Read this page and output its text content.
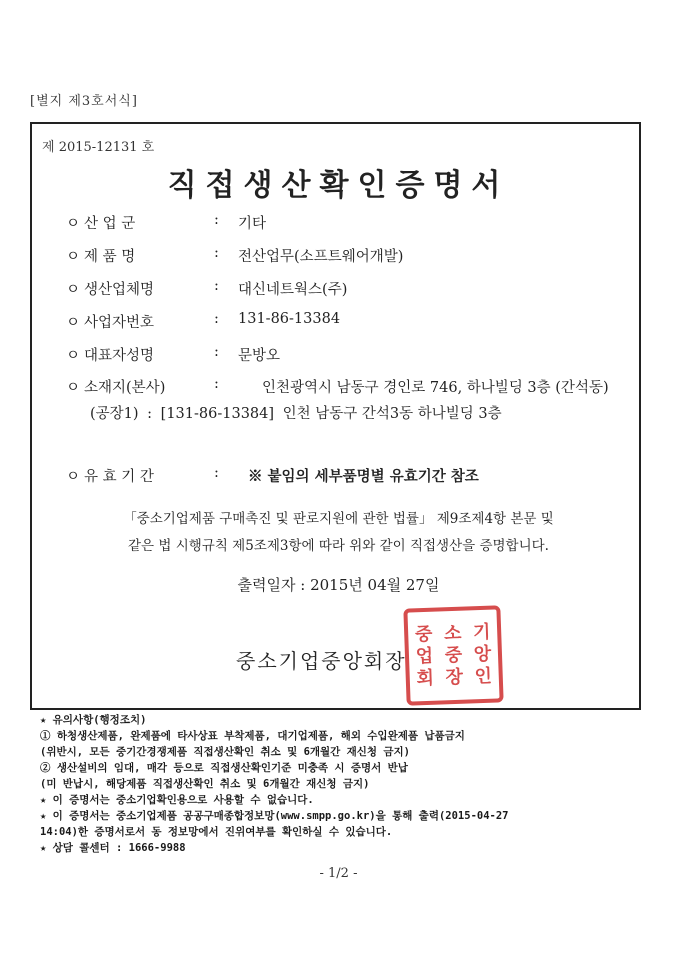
[별지 제3호서식]
제 2015-12131 호
직접생산확인증명서
ㅇ 산 업 군	: 기타
ㅇ 제 품 명	: 전산업무(소프트웨어개발)
ㅇ 생산업체명	: 대신네트웍스(주)
ㅇ 사업자번호	: 131-86-13384
ㅇ 대표자성명	: 문방오
ㅇ 소재지(본사)	:	인천광역시 남동구 경인로 746, 하나빌딩 3층 (간석동)
(공장1) : [131-86-13384] 인천 남동구 간석3동 하나빌딩 3층
ㅇ 유 효 기 간	: ※ 붙임의 세부품명별 유효기간 참조
「중소기업제품 구매촉진 및 판로지원에 관한 법률」 제9조제4항 본문 및
같은 법 시행규칙 제5조제3항에 따라 위와 같이 직접생산을 증명합니다.
출력일자 : 2015년 04월 27일
중 소 기
업 중 앙
회 장 인
중소기업중앙회장
★ 유의사항(행정조치)
① 하청생산제품, 완제품에 타사상표 부착제품, 대기업제품, 해외 수입완제품 납품금지
(위반시, 모든 중기간경쟁제품 직접생산확인 취소 및 6개월간 재신청 금지)
② 생산설비의 임대, 매각 등으로 직접생산확인기준 미충족 시 증명서 반납
(미 반납시, 해당제품 직접생산확인 취소 및 6개월간 재신청 금지)
★ 이 증명서는 중소기업확인용으로 사용할 수 없습니다.
★ 이 증명서는 중소기업제품 공공구매종합정보망(www.smpp.go.kr)을 통해 출력(2015-04-27
14:04)한 증명서로서 동 정보망에서 진위여부를 확인하실 수 있습니다.
★ 상담 콜센터 : 1666-9988
- 1/2 -
